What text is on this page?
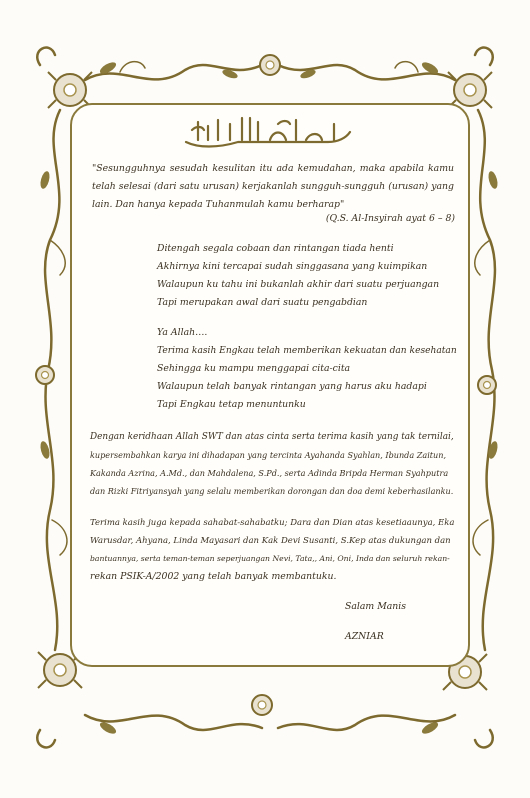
"Sesungguhnya sesudah kesulitan itu ada kemudahan, maka apabila kamu telah selesai (dari satu urusan) kerjakanlah sungguh-sungguh (urusan) yang lain. Dan hanya kepada Tuhanmulah kamu berharap"
(Q.S. Al-Insyirah ayat 6 – 8)
Ditengah segala cobaan dan rintangan tiada henti
Akhirnya kini tercapai sudah singgasana yang kuimpikan
Walaupun ku tahu ini bukanlah akhir dari suatu perjuangan
Tapi merupakan awal dari suatu pengabdian
Ya Allah….
Terima kasih Engkau telah memberikan kekuatan dan kesehatan
Sehingga ku mampu menggapai cita-cita
Walaupun telah banyak rintangan yang harus aku hadapi
Tapi Engkau tetap menuntunku
Dengan keridhaan Allah SWT dan atas cinta serta terima kasih yang tak ternilai,
kupersembahkan karya ini dihadapan yang tercinta Ayahanda Syahlan, Ibunda Zaitun,
Kakanda Azrina, A.Md., dan Mahdalena, S.Pd., serta Adinda Bripda Herman Syahputra
dan Rizki Fitriyansyah yang selalu memberikan dorongan dan doa demi keberhasilanku.
Terima kasih juga kepada sahabat-sahabatku; Dara dan Dian atas kesetiaaunya, Eka
Warusdar, Ahyana, Linda Mayasari dan Kak Devi Susanti, S.Kep atas dukungan dan
bantuannya, serta teman-teman seperjuangan Nevi, Tata,, Ani, Oni, Inda dan seluruh rekan-
rekan PSIK-A/2002 yang telah banyak membantuku.
Salam Manis
AZNIAR
